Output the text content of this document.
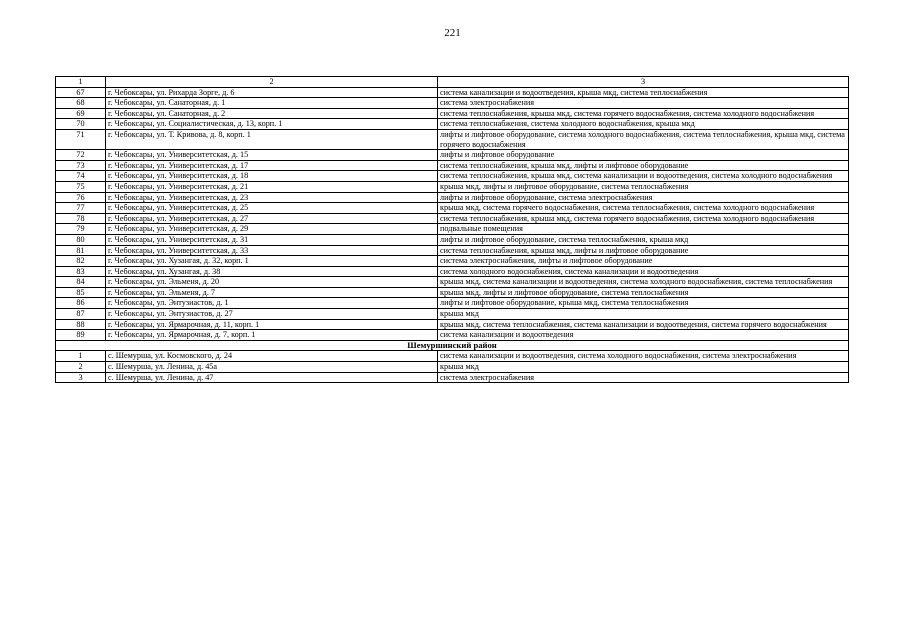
221
1	2	3
67	г. Чебоксары, ул. Рихарда Зорге, д. 6	система канализации и водоотведения, крыша мкд, система теплоснабжения
68	г. Чебоксары, ул. Санаторная, д. 1	система электроснабжения
69	г. Чебоксары, ул. Санаторная, д. 2	система теплоснабжения, крыша мкд, система горячего водоснабжения, система холодного водоснабжения
70	г. Чебоксары, ул. Социалистическая, д. 13, корп. 1	система теплоснабжения, система холодного водоснабжения, крыша мкд
71	г. Чебоксары, ул. Т. Кривова, д. 8, корп. 1	лифты и лифтовое оборудование, система холодного водоснабжения, система теплоснабжения, крыша мкд, система горячего водоснабжения
72	г. Чебоксары, ул. Университетская, д. 15	лифты и лифтовое оборудование
73	г. Чебоксары, ул. Университетская, д. 17	система теплоснабжения, крыша мкд, лифты и лифтовое оборудование
74	г. Чебоксары, ул. Университетская, д. 18	система теплоснабжения, крыша мкд, система канализации и водоотведения, система холодного водоснабжения
75	г. Чебоксары, ул. Университетская, д. 21	крыша мкд, лифты и лифтовое оборудование, система теплоснабжения
76	г. Чебоксары, ул. Университетская, д. 23	лифты и лифтовое оборудование, система электроснабжения
77	г. Чебоксары, ул. Университетская, д. 25	крыша мкд, система горячего водоснабжения, система теплоснабжения, система холодного водоснабжения
78	г. Чебоксары, ул. Университетская, д. 27	система теплоснабжения, крыша мкд, система горячего водоснабжения, система холодного водоснабжения
79	г. Чебоксары, ул. Университетская, д. 29	подвальные помещения
80	г. Чебоксары, ул. Университетская, д. 31	лифты и лифтовое оборудование, система теплоснабжения, крыша мкд
81	г. Чебоксары, ул. Университетская, д. 33	система теплоснабжения, крыша мкд, лифты и лифтовое оборудование
82	г. Чебоксары, ул. Хузангая, д. 32, корп. 1	система электроснабжения, лифты и лифтовое оборудование
83	г. Чебоксары, ул. Хузангая, д. 38	система холодного водоснабжения, система канализации и водоотведения
84	г. Чебоксары, ул. Эльменя, д. 20	крыша мкд, система канализации и водоотведения, система холодного водоснабжения, система теплоснабжения
85	г. Чебоксары, ул. Эльменя, д. 7	крыша мкд, лифты и лифтовое оборудование, система теплоснабжения
86	г. Чебоксары, ул. Энтузиастов, д. 1	лифты и лифтовое оборудование, крыша мкд, система теплоснабжения
87	г. Чебоксары, ул. Энтузиастов, д. 27	крыша мкд
88	г. Чебоксары, ул. Ярмарочная, д. 11, корп. 1	крыша мкд, система теплоснабжения, система канализации и водоотведения, система горячего водоснабжения
89	г. Чебоксары, ул. Ярмарочная, д. 7, корп. 1	система канализации и водоотведения
Шемуршинский район		
1	с. Шемурша, ул. Космовского, д. 24	система канализации и водоотведения, система холодного водоснабжения, система электроснабжения
2	с. Шемурша, ул. Ленина, д. 45а	крыша мкд
3	с. Шемурша, ул. Ленина, д. 47	система электроснабжения
